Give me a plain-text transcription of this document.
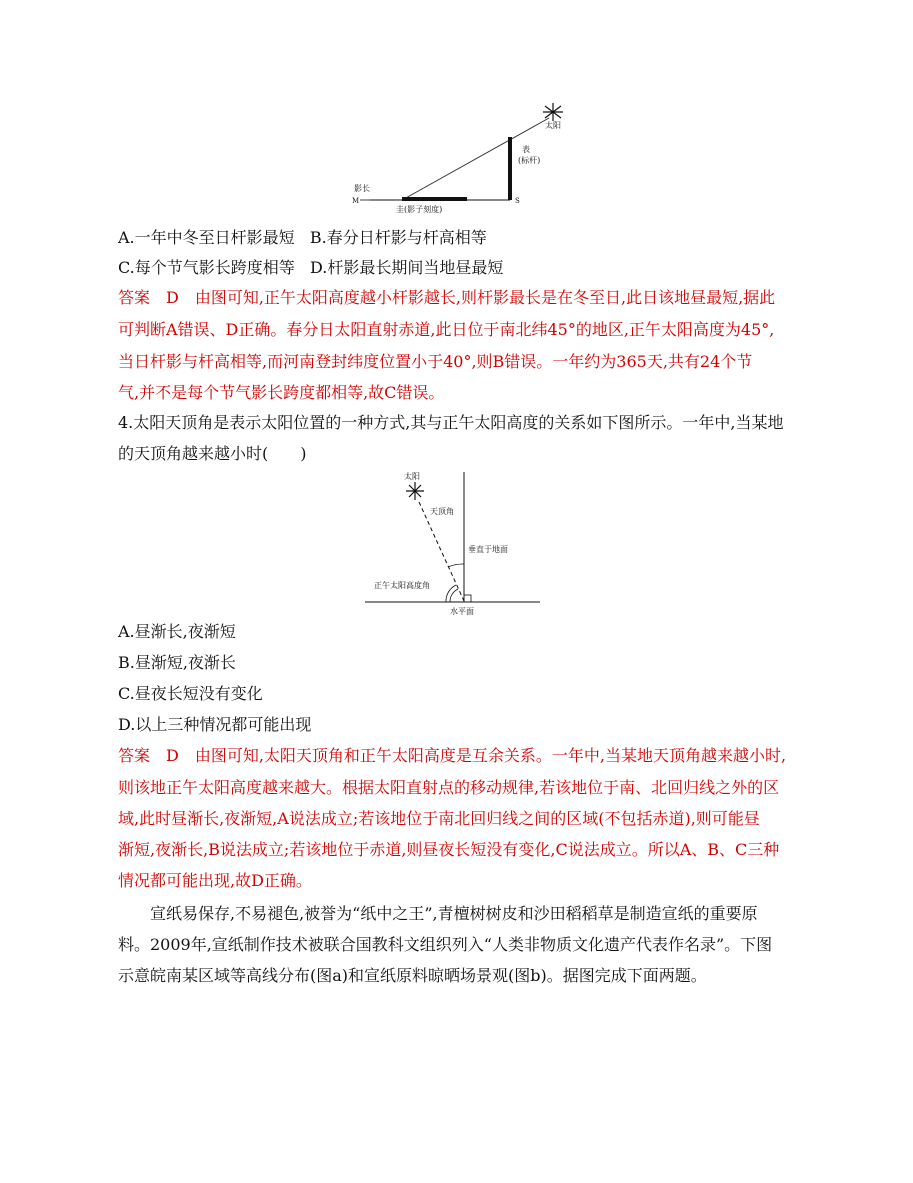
太阳
表
(标杆)
影长
M	S
圭(影子刻度)
A.一年中冬至日杆影最短 B.春分日杆影与杆高相等
C.每个节气影长跨度相等 D.杆影最长期间当地昼最短
答案　D　由图可知,正午太阳高度越小杆影越长,则杆影最长是在冬至日,此日该地昼最短,据此
可判断A错误、D正确。春分日太阳直射赤道,此日位于南北纬45°的地区,正午太阳高度为45°,
当日杆影与杆高相等,而河南登封纬度位置小于40°,则B错误。一年约为365天,共有24个节
气,并不是每个节气影长跨度都相等,故C错误。
4.太阳天顶角是表示太阳位置的一种方式,其与正午太阳高度的关系如下图所示。一年中,当某地
的天顶角越来越小时(　　)
太阳
天顶角
垂直于地面
正午太阳高度角
水平面
A.昼渐长,夜渐短
B.昼渐短,夜渐长
C.昼夜长短没有变化
D.以上三种情况都可能出现
答案　D　由图可知,太阳天顶角和正午太阳高度是互余关系。一年中,当某地天顶角越来越小时,
则该地正午太阳高度越来越大。根据太阳直射点的移动规律,若该地位于南、北回归线之外的区
域,此时昼渐长,夜渐短,A说法成立;若该地位于南北回归线之间的区域(不包括赤道),则可能昼
渐短,夜渐长,B说法成立;若该地位于赤道,则昼夜长短没有变化,C说法成立。所以A、B、C三种
情况都可能出现,故D正确。
宣纸易保存,不易褪色,被誉为“纸中之王”,青檀树树皮和沙田稻稻草是制造宣纸的重要原
料。2009年,宣纸制作技术被联合国教科文组织列入“人类非物质文化遗产代表作名录”。下图
示意皖南某区域等高线分布(图a)和宣纸原料晾晒场景观(图b)。据图完成下面两题。
